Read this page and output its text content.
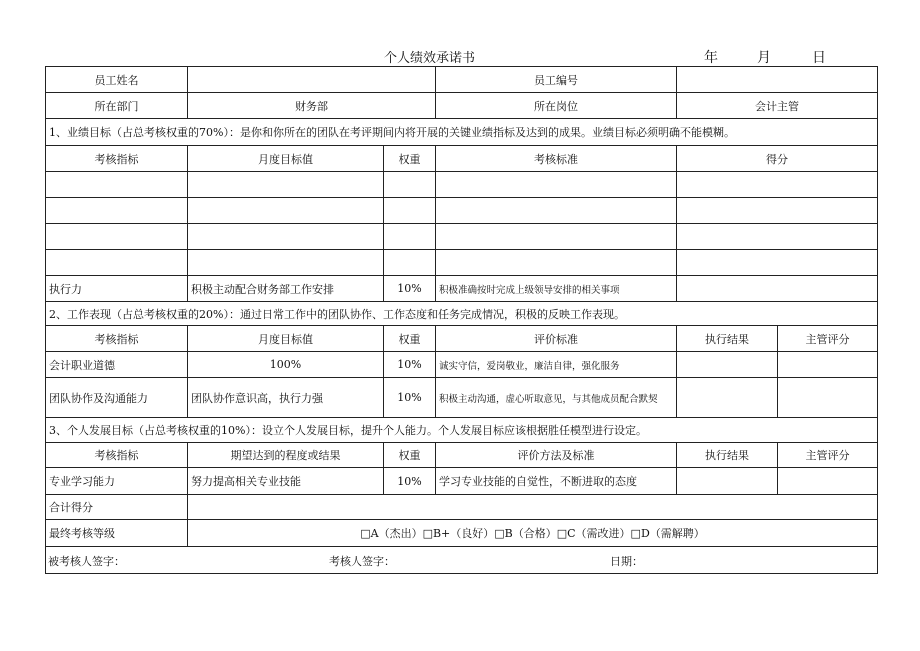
个人绩效承诺书	年	月	日
员工姓名			员工编号		
所在部门	财务部		所在岗位	会计主管	
1、业绩目标（占总考核权重的70%）：是你和你所在的团队在考评期间内将开展的关键业绩指标及达到的成果。业绩目标必须明确不能模糊。					
考核指标	月度目标值	权重	考核标准	得分	

执行力	积极主动配合财务部工作安排	10%	积极准确按时完成上级领导安排的相关事项		
2、工作表现（占总考核权重的20%）：通过日常工作中的团队协作、工作态度和任务完成情况，积极的反映工作表现。					
考核指标	月度目标值	权重	评价标准	执行结果	主管评分
会计职业道德	100%	10%	诚实守信，爱岗敬业，廉洁自律，强化服务		
团队协作及沟通能力	团队协作意识高，执行力强	10%	积极主动沟通，虚心听取意见，与其他成员配合默契		
3、个人发展目标（占总考核权重的10%）：设立个人发展目标，提升个人能力。个人发展目标应该根据胜任模型进行设定。					
考核指标	期望达到的程度或结果	权重	评价方法及标准	执行结果	主管评分
专业学习能力	努力提高相关专业技能	10%	学习专业技能的自觉性，不断进取的态度		
合计得分					
最终考核等级	□A（杰出）□B+（良好）□B（合格）□C（需改进）□D（需解聘）				

被考核人签字： 考核人签字： 日期：					
